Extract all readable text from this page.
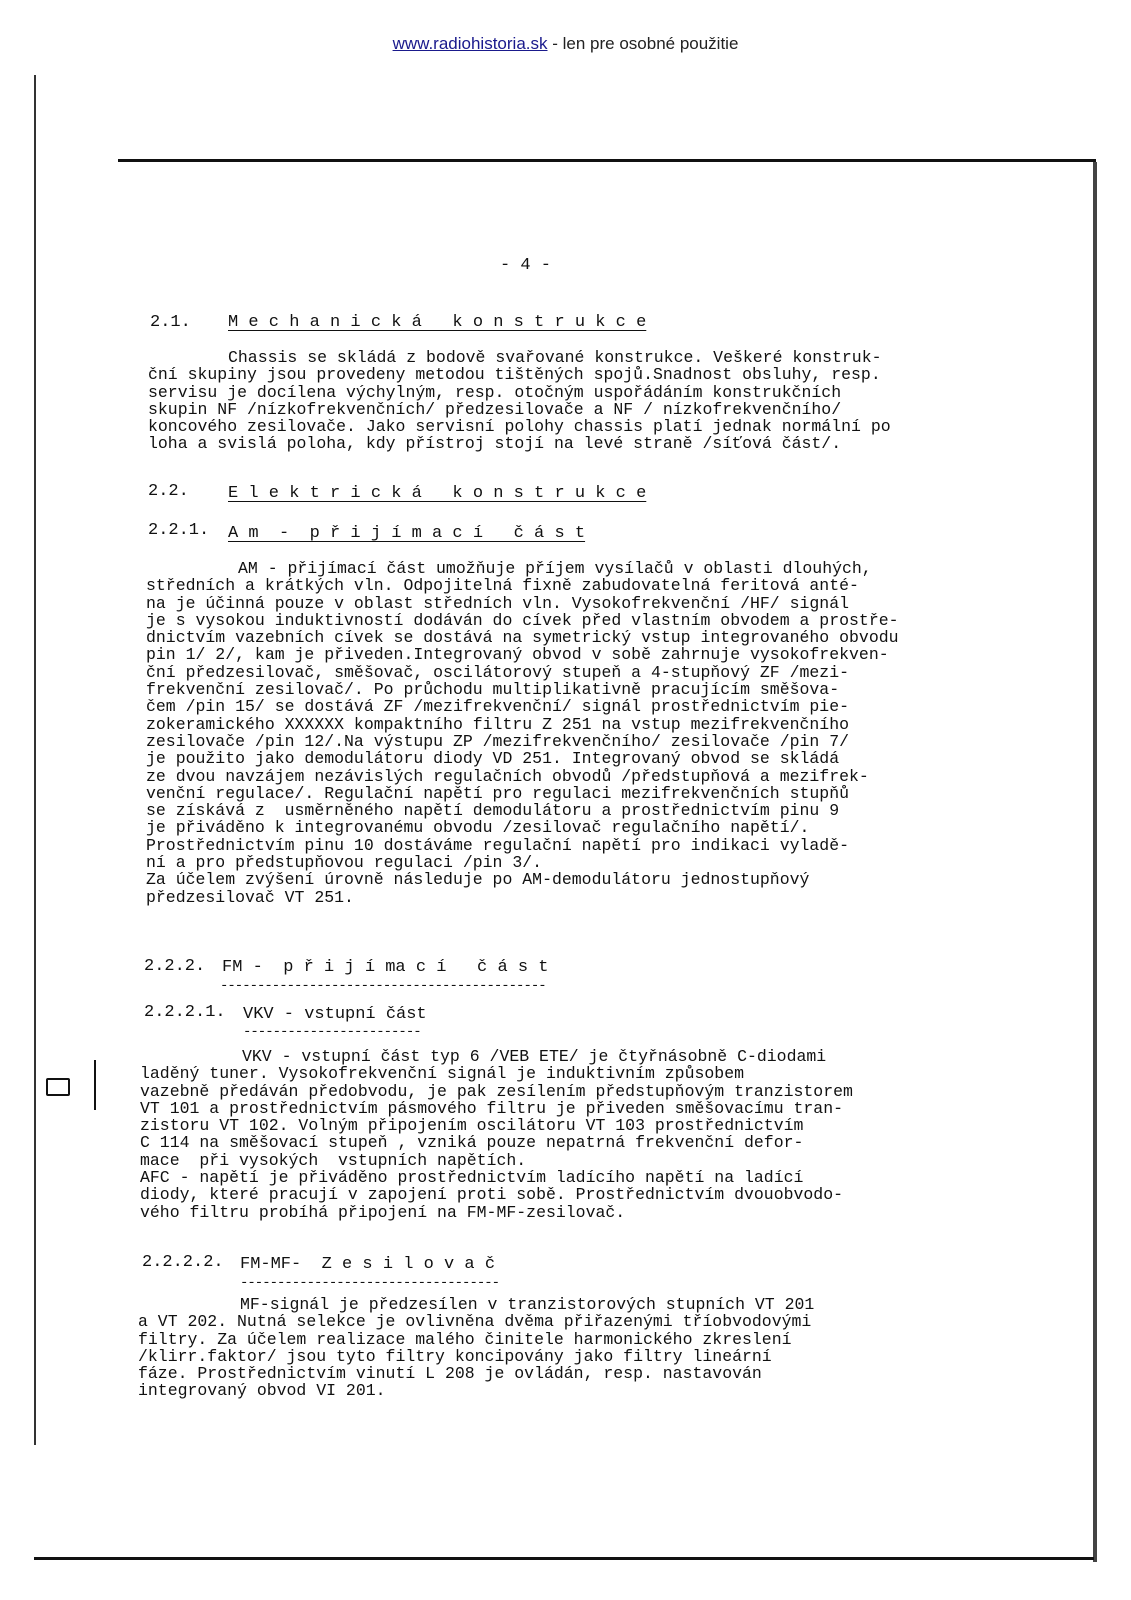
www.radiohistoria.sk - len pre osobné použitie
- 4 -
2.1. M e c h a n i c k á   k o n s t r u k c e
Chassis se skládá z bodově svařované konstrukce. Veškeré konstruk-
ční skupiny jsou provedeny metodou tištěných spojů.Snadnost obsluhy, resp.
servisu je docílena výchylným, resp. otočným uspořádáním konstrukčních
skupin NF /nízkofrekvenčních/ předzesilovače a NF / nízkofrekvenčního/
koncového zesilovače. Jako servisní polohy chassis platí jednak normální po
loha a svislá poloha, kdy přístroj stojí na levé straně /síťová část/.
2.2. E l e k t r i c k á   k o n s t r u k c e
2.2.1. A m  -  p ř i j í m a c í   č á s t
AM - přijímací část umožňuje příjem vysílačů v oblasti dlouhých,
středních a krátkých vln. Odpojitelná fixně zabudovatelná feritová anté-
na je účinná pouze v oblast středních vln. Vysokofrekvenční /HF/ signál
je s vysokou induktivností dodáván do cívek před vlastním obvodem a prostře-
dnictvím vazebních cívek se dostává na symetrický vstup integrovaného obvodu
pin 1/ 2/, kam je přiveden.Integrovaný obvod v sobě zahrnuje vysokofrekven-
ční předzesilovač, směšovač, oscilátorový stupeň a 4-stupňový ZF /mezi-
frekvenční zesilovač/. Po průchodu multiplikativně pracujícím směšova-
čem /pin 15/ se dostává ZF /mezifrekvenční/ signál prostřednictvím pie-
zokeramického XXXXXX kompaktního filtru Z 251 na vstup mezifrekvenčního
zesilovače /pin 12/.Na výstupu ZP /mezifrekvenčního/ zesilovače /pin 7/
je použito jako demodulátoru diody VD 251. Integrovaný obvod se skládá
ze dvou navzájem nezávislých regulačních obvodů /předstupňová a mezifrek-
venční regulace/. Regulační napětí pro regulaci mezifrekvenčních stupňů
se získává z  usměrněného napětí demodulátoru a prostřednictvím pinu 9
je přiváděno k integrovanému obvodu /zesilovač regulačního napětí/.
Prostřednictvím pinu 10 dostáváme regulační napětí pro indikaci vyladě-
ní a pro předstupňovou regulaci /pin 3/.
Za účelem zvýšení úrovně následuje po AM-demodulátoru jednostupňový
předzesilovač VT 251.
2.2.2. FM -  p ř i j í ma c í   č á s t
--------------------------------------------
2.2.2.1. VKV - vstupní část
------------------------
VKV - vstupní část typ 6 /VEB ETE/ je čtyřnásobně C-diodami
laděný tuner. Vysokofrekvenční signál je induktivním způsobem
vazebně předáván předobvodu, je pak zesílením předstupňovým tranzistorem
VT 101 a prostřednictvím pásmového filtru je přiveden směšovacímu tran-
zistoru VT 102. Volným připojením oscilátoru VT 103 prostřednictvím
C 114 na směšovací stupeň , vzniká pouze nepatrná frekvenční defor-
mace  při vysokých  vstupních napětích.
AFC - napětí je přiváděno prostřednictvím ladícího napětí na ladící
diody, které pracují v zapojení proti sobě. Prostřednictvím dvouobvodo-
vého filtru probíhá připojení na FM-MF-zesilovač.
2.2.2.2. FM-MF-  Z e s i l o v a č
-----------------------------------
MF-signál je předzesílen v tranzistorových stupních VT 201
a VT 202. Nutná selekce je ovlivněna dvěma přiřazenými tříobvodovými
filtry. Za účelem realizace malého činitele harmonického zkreslení
/klirr.faktor/ jsou tyto filtry koncipovány jako filtry lineární
fáze. Prostřednictvím vinutí L 208 je ovládán, resp. nastavován
integrovaný obvod VI 201.
